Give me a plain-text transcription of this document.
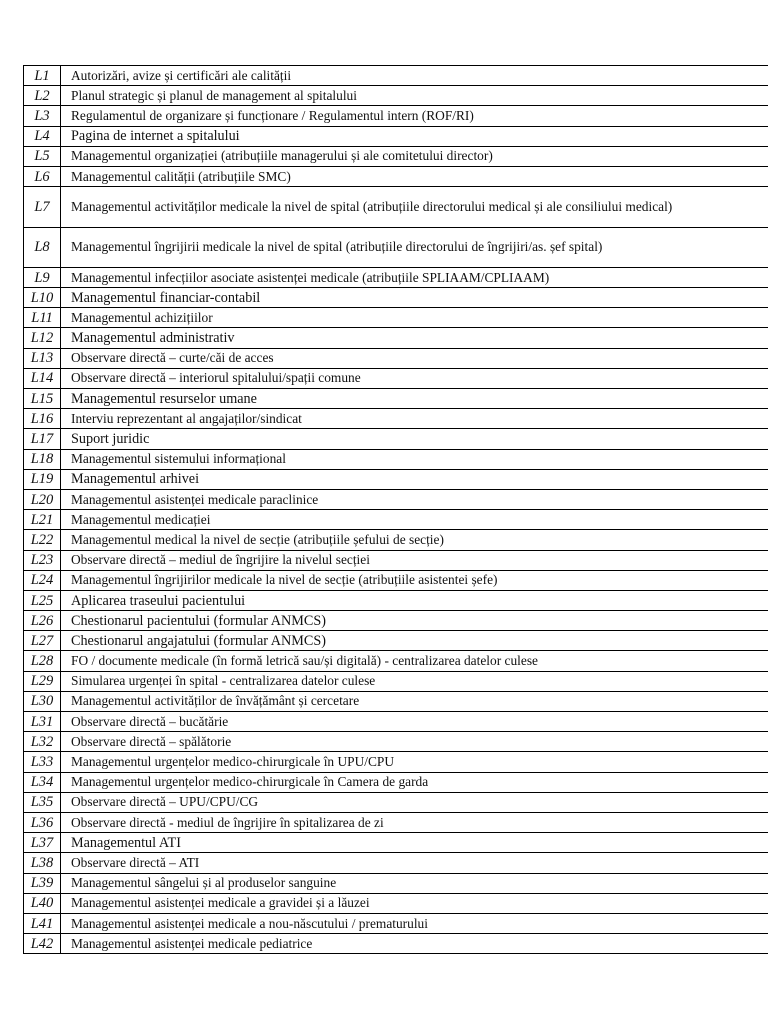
L1	Autorizări, avize și certificări ale calității
L2	Planul strategic și planul de management al spitalului
L3	Regulamentul de organizare și funcționare / Regulamentul intern (ROF/RI)
L4	Pagina de internet a spitalului
L5	Managementul organizației (atribuțiile managerului și ale comitetului director)
L6	Managementul calității (atribuțiile SMC)
L7	Managementul activităților medicale la nivel de spital (atribuțiile directorului medical și ale consiliului medical)
L8	Managementul îngrijirii medicale la nivel de spital (atribuțiile directorului de îngrijiri/as. șef spital)
L9	Managementul infecțiilor asociate asistenței medicale (atribuțiile SPLIAAM/CPLIAAM)
L10	Managementul financiar-contabil
L11	Managementul achizițiilor
L12	Managementul administrativ
L13	Observare directă – curte/căi de acces
L14	Observare directă – interiorul spitalului/spații comune
L15	Managementul resurselor umane
L16	Interviu reprezentant al angajaților/sindicat
L17	Suport juridic
L18	Managementul sistemului informațional
L19	Managementul arhivei
L20	Managementul asistenței medicale paraclinice
L21	Managementul medicației
L22	Managementul medical la nivel de secție (atribuțiile șefului de secție)
L23	Observare directă – mediul de îngrijire la nivelul secției
L24	Managementul îngrijirilor medicale la nivel de secție (atribuțiile asistentei șefe)
L25	Aplicarea traseului pacientului
L26	Chestionarul pacientului (formular ANMCS)
L27	Chestionarul angajatului (formular ANMCS)
L28	FO / documente medicale (în formă letrică sau/și digitală) - centralizarea datelor culese
L29	Simularea urgenței în spital - centralizarea datelor culese
L30	Managementul activităților de învățământ și cercetare
L31	Observare directă – bucătărie
L32	Observare directă – spălătorie
L33	Managementul urgențelor medico-chirurgicale în UPU/CPU
L34	Managementul urgențelor medico-chirurgicale în Camera de garda
L35	Observare directă – UPU/CPU/CG
L36	Observare directă - mediul de îngrijire în spitalizarea de zi
L37	Managementul ATI
L38	Observare directă – ATI
L39	Managementul sângelui și al produselor sanguine
L40	Managementul asistenței medicale a gravidei și a lăuzei
L41	Managementul asistenței medicale a nou-născutului / prematurului
L42	Managementul asistenței medicale pediatrice
